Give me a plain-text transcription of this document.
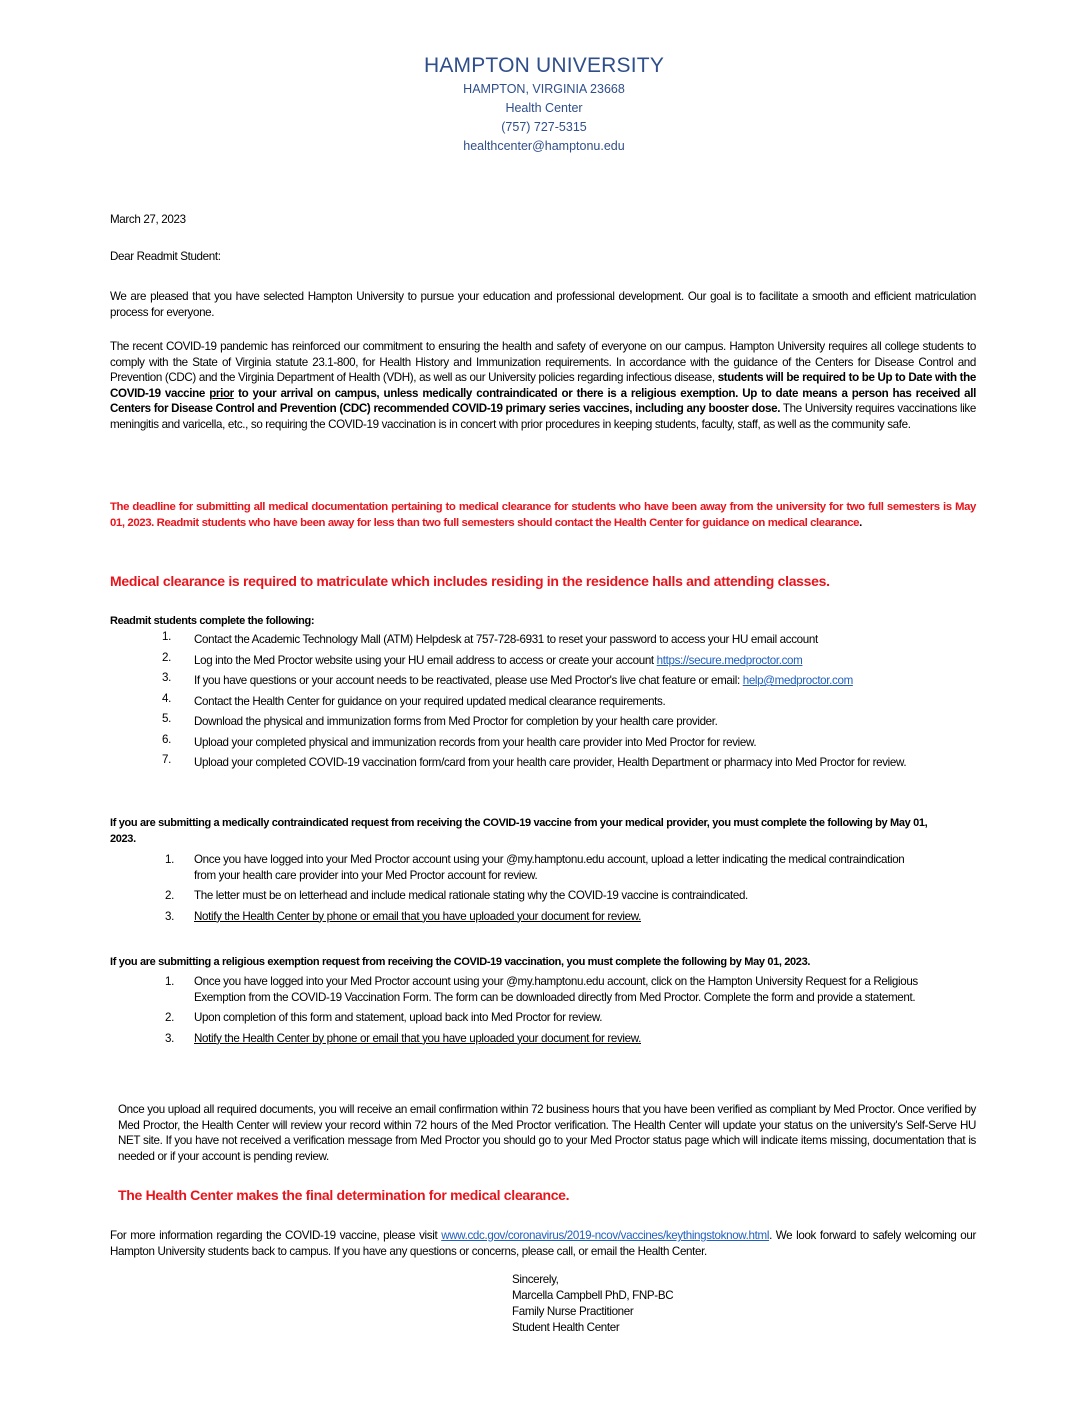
HAMPTON UNIVERSITY
HAMPTON, VIRGINIA 23668
Health Center
(757) 727-5315
healthcenter@hamptonu.edu
March 27, 2023
Dear Readmit Student:
We are pleased that you have selected Hampton University to pursue your education and professional development. Our goal is to facilitate a smooth and efficient matriculation process for everyone.
The recent COVID-19 pandemic has reinforced our commitment to ensuring the health and safety of everyone on our campus. Hampton University requires all college students to comply with the State of Virginia statute 23.1-800, for Health History and Immunization requirements. In accordance with the guidance of the Centers for Disease Control and Prevention (CDC) and the Virginia Department of Health (VDH), as well as our University policies regarding infectious disease, students will be required to be Up to Date with the COVID-19 vaccine prior to your arrival on campus, unless medically contraindicated or there is a religious exemption. Up to date means a person has received all Centers for Disease Control and Prevention (CDC) recommended COVID-19 primary series vaccines, including any booster dose. The University requires vaccinations like meningitis and varicella, etc., so requiring the COVID-19 vaccination is in concert with prior procedures in keeping students, faculty, staff, as well as the community safe.
The deadline for submitting all medical documentation pertaining to medical clearance for students who have been away from the university for two full semesters is May 01, 2023. Readmit students who have been away for less than two full semesters should contact the Health Center for guidance on medical clearance.
Medical clearance is required to matriculate which includes residing in the residence halls and attending classes.
Readmit students complete the following:
1. Contact the Academic Technology Mall (ATM) Helpdesk at 757-728-6931 to reset your password to access your HU email account
2. Log into the Med Proctor website using your HU email address to access or create your account https://secure.medproctor.com
3. If you have questions or your account needs to be reactivated, please use Med Proctor's live chat feature or email: help@medproctor.com
4. Contact the Health Center for guidance on your required updated medical clearance requirements.
5. Download the physical and immunization forms from Med Proctor for completion by your health care provider.
6. Upload your completed physical and immunization records from your health care provider into Med Proctor for review.
7. Upload your completed COVID-19 vaccination form/card from your health care provider, Health Department or pharmacy into Med Proctor for review.
If you are submitting a medically contraindicated request from receiving the COVID-19 vaccine from your medical provider, you must complete the following by May 01, 2023.
1. Once you have logged into your Med Proctor account using your @my.hamptonu.edu account, upload a letter indicating the medical contraindication from your health care provider into your Med Proctor account for review.
2. The letter must be on letterhead and include medical rationale stating why the COVID-19 vaccine is contraindicated.
3. Notify the Health Center by phone or email that you have uploaded your document for review.
If you are submitting a religious exemption request from receiving the COVID-19 vaccination, you must complete the following by May 01, 2023.
1. Once you have logged into your Med Proctor account using your @my.hamptonu.edu account, click on the Hampton University Request for a Religious Exemption from the COVID-19 Vaccination Form. The form can be downloaded directly from Med Proctor. Complete the form and provide a statement.
2. Upon completion of this form and statement, upload back into Med Proctor for review.
3. Notify the Health Center by phone or email that you have uploaded your document for review.
Once you upload all required documents, you will receive an email confirmation within 72 business hours that you have been verified as compliant by Med Proctor. Once verified by Med Proctor, the Health Center will review your record within 72 hours of the Med Proctor verification. The Health Center will update your status on the university's Self-Serve HU NET site. If you have not received a verification message from Med Proctor you should go to your Med Proctor status page which will indicate items missing, documentation that is needed or if your account is pending review.
The Health Center makes the final determination for medical clearance.
For more information regarding the COVID-19 vaccine, please visit www.cdc.gov/coronavirus/2019-ncov/vaccines/keythingstoknow.html. We look forward to safely welcoming our Hampton University students back to campus. If you have any questions or concerns, please call, or email the Health Center.
Sincerely,
Marcella Campbell PhD, FNP-BC
Family Nurse Practitioner
Student Health Center
